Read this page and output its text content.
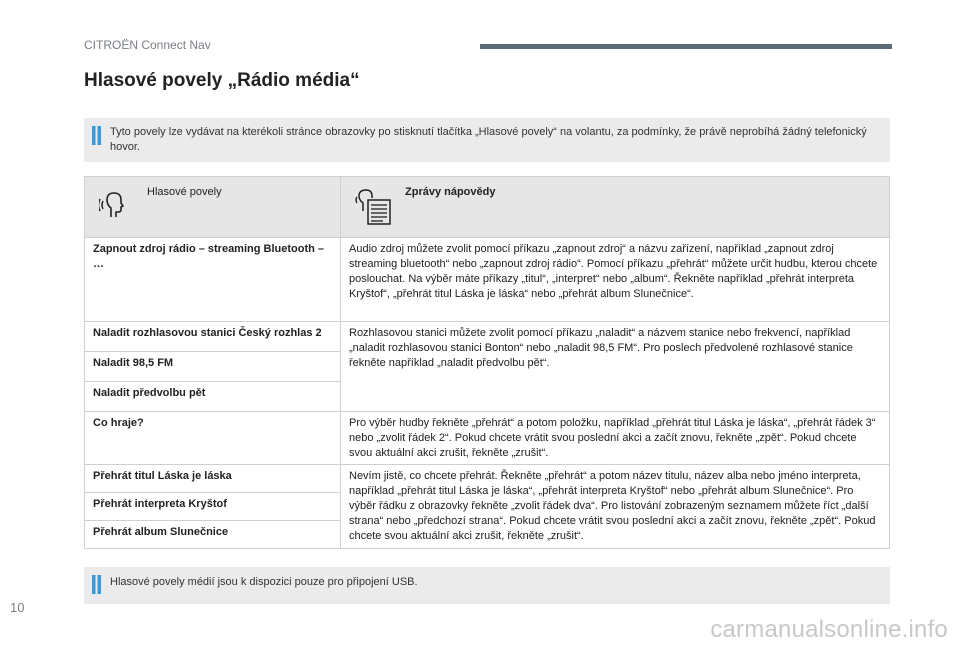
CITROËN Connect Nav
Hlasové povely „Rádio média“
Tyto povely lze vydávat na kterékoli stránce obrazovky po stisknutí tlačítka „Hlasové povely“ na volantu, za podmínky, že právě neprobíhá žádný telefonický hovor.
Hlasové povely	Zprávy nápovědy

Zapnout zdroj rádio – streaming Bluetooth – …	Audio zdroj můžete zvolit pomocí příkazu „zapnout zdroj“ a názvu zařízení, například „zapnout zdroj streaming bluetooth“ nebo „zapnout zdroj rádio“. Pomocí příkazu „přehrát“ můžete určit hudbu, kterou chcete poslouchat. Na výběr máte příkazy „titul“, „interpret“ nebo „album“. Řekněte například „přehrát interpreta Kryštof“, „přehrát titul Láska je láska“ nebo „přehrát album Slunečnice“.
Naladit rozhlasovou stanici Český rozhlas 2	Rozhlasovou stanici můžete zvolit pomocí příkazu „naladit“ a názvem stanice nebo frekvencí, například „naladit rozhlasovou stanici Bonton“ nebo „naladit 98,5 FM“. Pro poslech předvolené rozhlasové stanice řekněte například „naladit předvolbu pět“.
Naladit 98,5 FM	
Naladit předvolbu pět	
Co hraje?	Pro výběr hudby řekněte „přehrát“ a potom položku, například „přehrát titul Láska je láska“, „přehrát řádek 3“ nebo „zvolit řádek 2“. Pokud chcete vrátit svou poslední akci a začít znovu, řekněte „zpět“. Pokud chcete svou aktuální akci zrušit, řekněte „zrušit“.
Přehrát titul Láska je láska	Nevím jistě, co chcete přehrát. Řekněte „přehrát“ a potom název titulu, název alba nebo jméno interpreta, například „přehrát titul Láska je láska“, „přehrát interpreta Kryštof“ nebo „přehrát album Slunečnice“. Pro výběr řádku z obrazovky řekněte „zvolit řádek dva“. Pro listování zobrazeným seznamem můžete říct „další strana“ nebo „předchozí strana“. Pokud chcete vrátit svou poslední akci a začít znovu, řekněte „zpět“. Pokud chcete svou aktuální akci zrušit, řekněte „zrušit“.
Přehrát interpreta Kryštof	
Přehrát album Slunečnice	
Hlasové povely médií jsou k dispozici pouze pro připojení USB.
10
carmanualsonline.info
